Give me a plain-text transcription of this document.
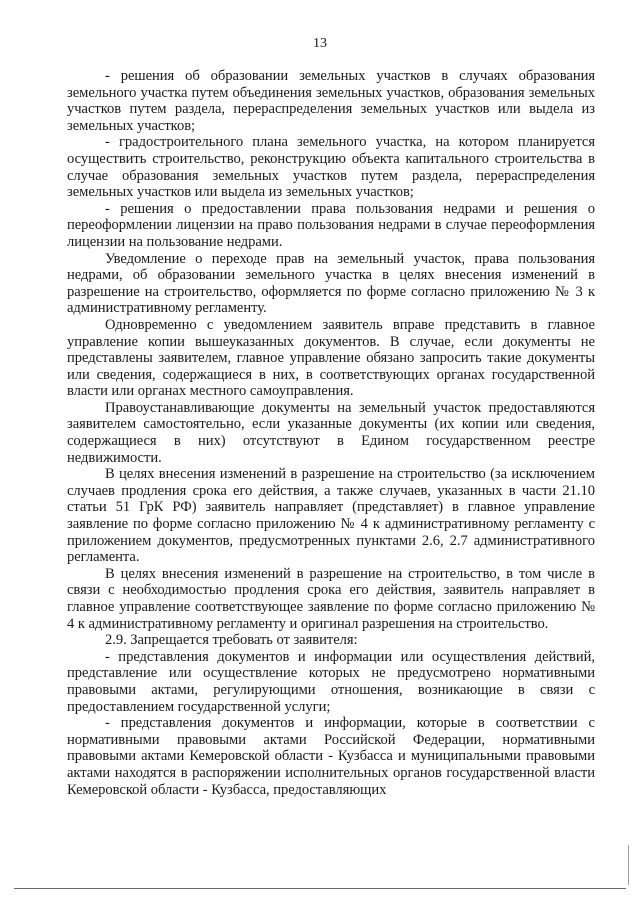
13

- решения об образовании земельных участков в случаях образования земельного участка путем объединения земельных участков, образования земельных участков путем раздела, перераспределения земельных участков или выдела из земельных участков;

- градостроительного плана земельного участка, на котором планируется осуществить строительство, реконструкцию объекта капитального строительства в случае образования земельных участков путем раздела, перераспределения земельных участков или выдела из земельных участков;

- решения о предоставлении права пользования недрами и решения о переоформлении лицензии на право пользования недрами в случае переоформления лицензии на пользование недрами.

Уведомление о переходе прав на земельный участок, права пользования недрами, об образовании земельного участка в целях внесения изменений в разрешение на строительство, оформляется по форме согласно приложению № 3 к административному регламенту.

Одновременно с уведомлением заявитель вправе представить в главное управление копии вышеуказанных документов. В случае, если документы не представлены заявителем, главное управление обязано запросить такие документы или сведения, содержащиеся в них, в соответствующих органах государственной власти или органах местного самоуправления.

Правоустанавливающие документы на земельный участок предоставляются заявителем самостоятельно, если указанные документы (их копии или сведения, содержащиеся в них) отсутствуют в Едином государственном реестре недвижимости.

В целях внесения изменений в разрешение на строительство (за исключением случаев продления срока его действия, а также случаев, указанных в части 21.10 статьи 51 ГрК РФ) заявитель направляет (представляет) в главное управление заявление по форме согласно приложению № 4 к административному регламенту с приложением документов, предусмотренных пунктами 2.6, 2.7 административного регламента.

В целях внесения изменений в разрешение на строительство, в том числе в связи с необходимостью продления срока его действия, заявитель направляет в главное управление соответствующее заявление по форме согласно приложению № 4 к административному регламенту и оригинал разрешения на строительство.

2.9. Запрещается требовать от заявителя:

- представления документов и информации или осуществления действий, представление или осуществление которых не предусмотрено нормативными правовыми актами, регулирующими отношения, возникающие в связи с предоставлением государственной услуги;

- представления документов и информации, которые в соответствии с нормативными правовыми актами Российской Федерации, нормативными правовыми актами Кемеровской области - Кузбасса и муниципальными правовыми актами находятся в распоряжении исполнительных органов государственной власти Кемеровской области - Кузбасса, предоставляющих
